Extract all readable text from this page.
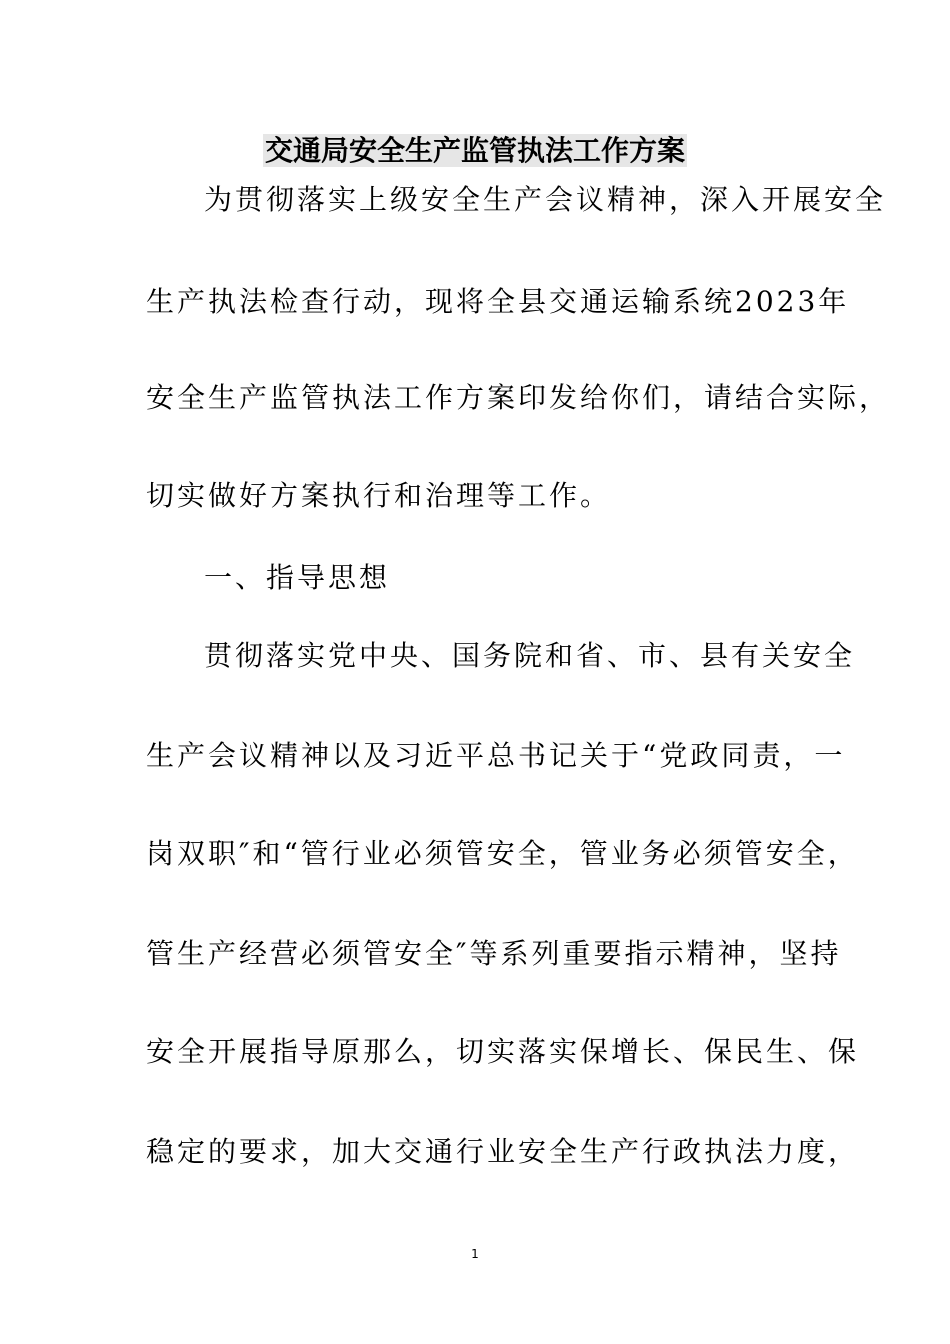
交通局安全生产监管执法工作方案

为贯彻落实上级安全生产会议精神，深入开展安全

生产执法检查行动，现将全县交通运输系统2023年

安全生产监管执法工作方案印发给你们，请结合实际，

切实做好方案执行和治理等工作。

一、指导思想

贯彻落实党中央、国务院和省、市、县有关安全

生产会议精神以及习近平总书记关于“党政同责，一

岗双职″和“管行业必须管安全，管业务必须管安全，

管生产经营必须管安全″等系列重要指示精神，坚持

安全开展指导原那么，切实落实保增长、保民生、保

稳定的要求，加大交通行业安全生产行政执法力度，

1
